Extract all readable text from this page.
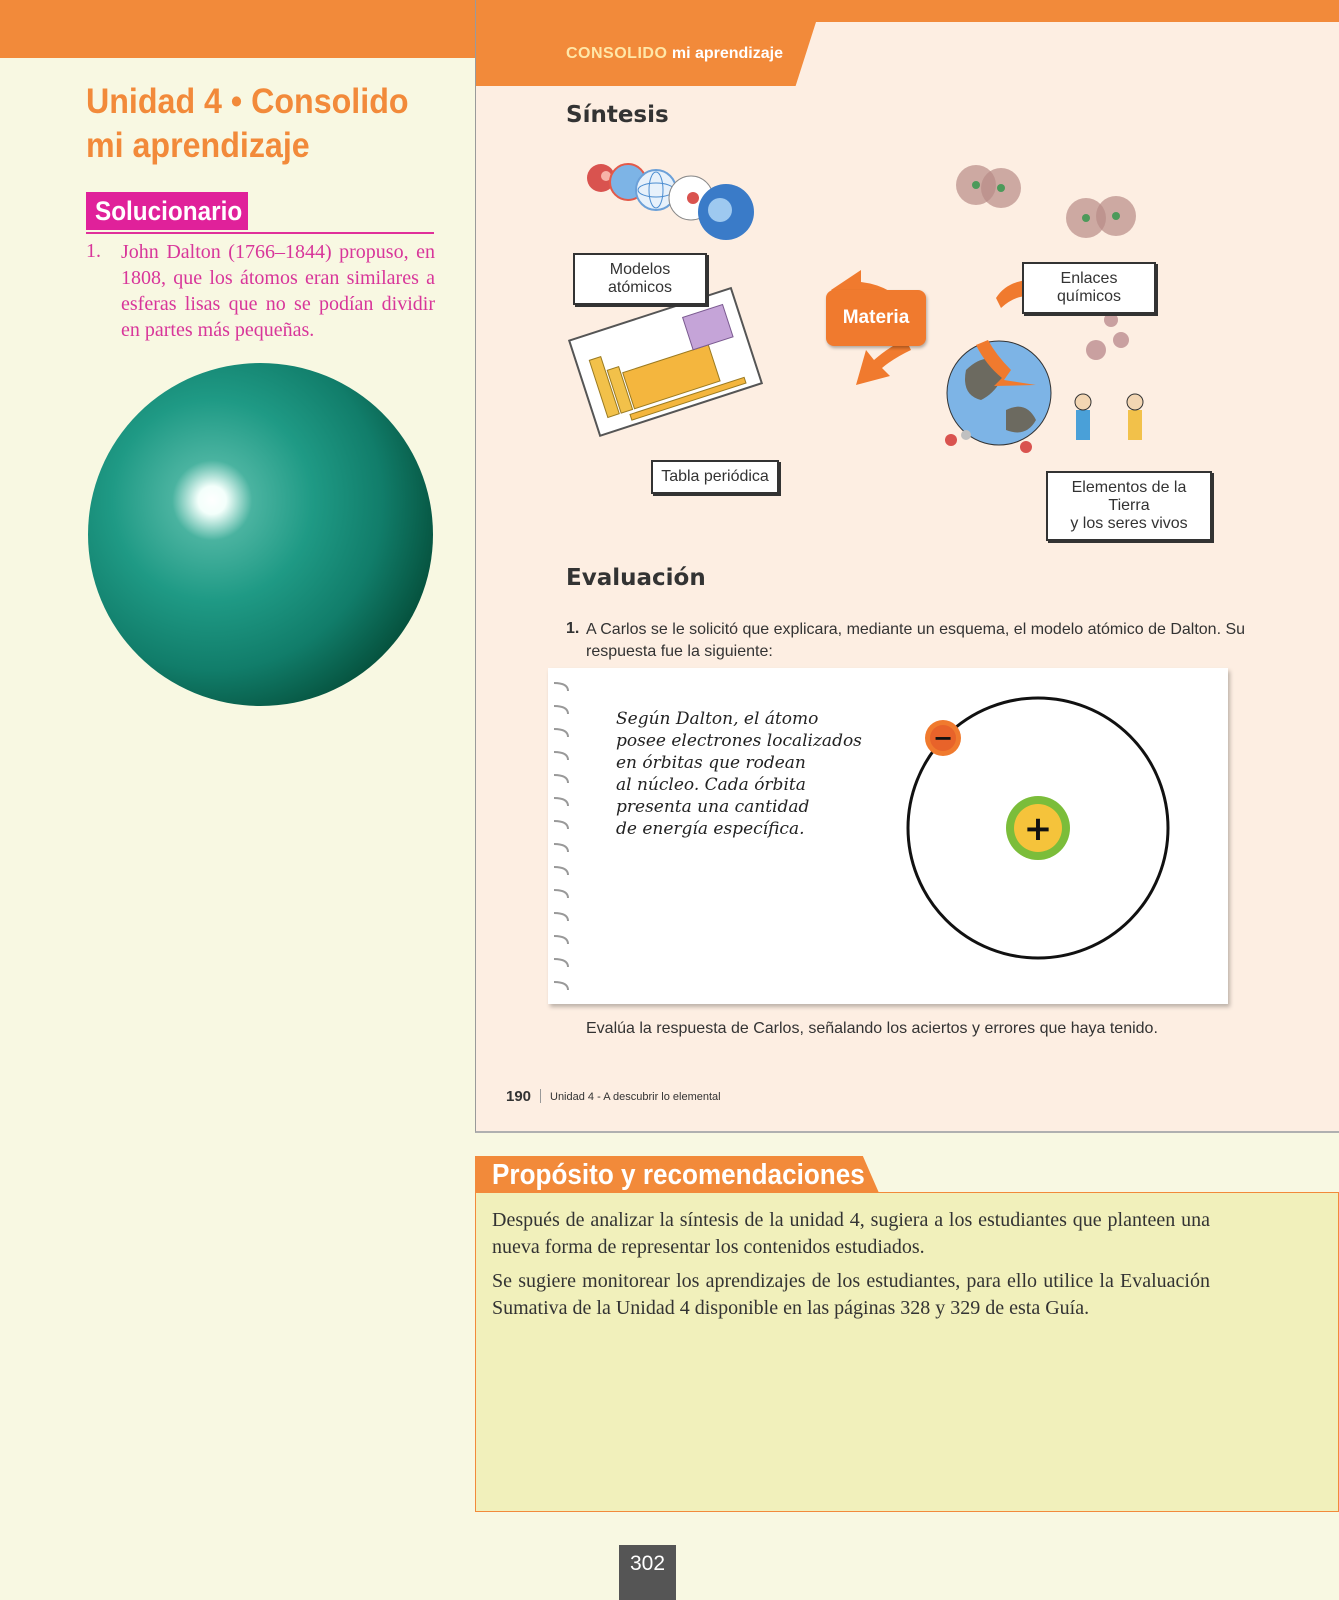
Unidad 4 • Consolido
mi aprendizaje
Solucionario
1. John Dalton (1766–1844) propuso, en 1808, que los átomos eran similares a esferas lisas que no se podían dividir en partes más pequeñas.
CONSOLIDO mi aprendizaje
Síntesis
Modelos atómicos
Enlaces químicos
Tabla periódica
Elementos de la Tierra
y los seres vivos
Materia
Evaluación
1. A Carlos se le solicitó que explicara, mediante un esquema, el modelo atómico de Dalton. Su respuesta fue la siguiente:
Según Dalton, el átomo
posee electrones localizados
en órbitas que rodean
al núcleo. Cada órbita
presenta una cantidad
de energía específica.	+
−
Evalúa la respuesta de Carlos, señalando los aciertos y errores que haya tenido.
190 Unidad 4 - A descubrir lo elemental
Propósito y recomendaciones
Después de analizar la síntesis de la unidad 4, sugiera a los estudiantes que planteen una nueva forma de representar los contenidos estudiados.
Se sugiere monitorear los aprendizajes de los estudiantes, para ello utilice la Evaluación Sumativa de la Unidad 4 disponible en las páginas 328 y 329 de esta Guía.
302
